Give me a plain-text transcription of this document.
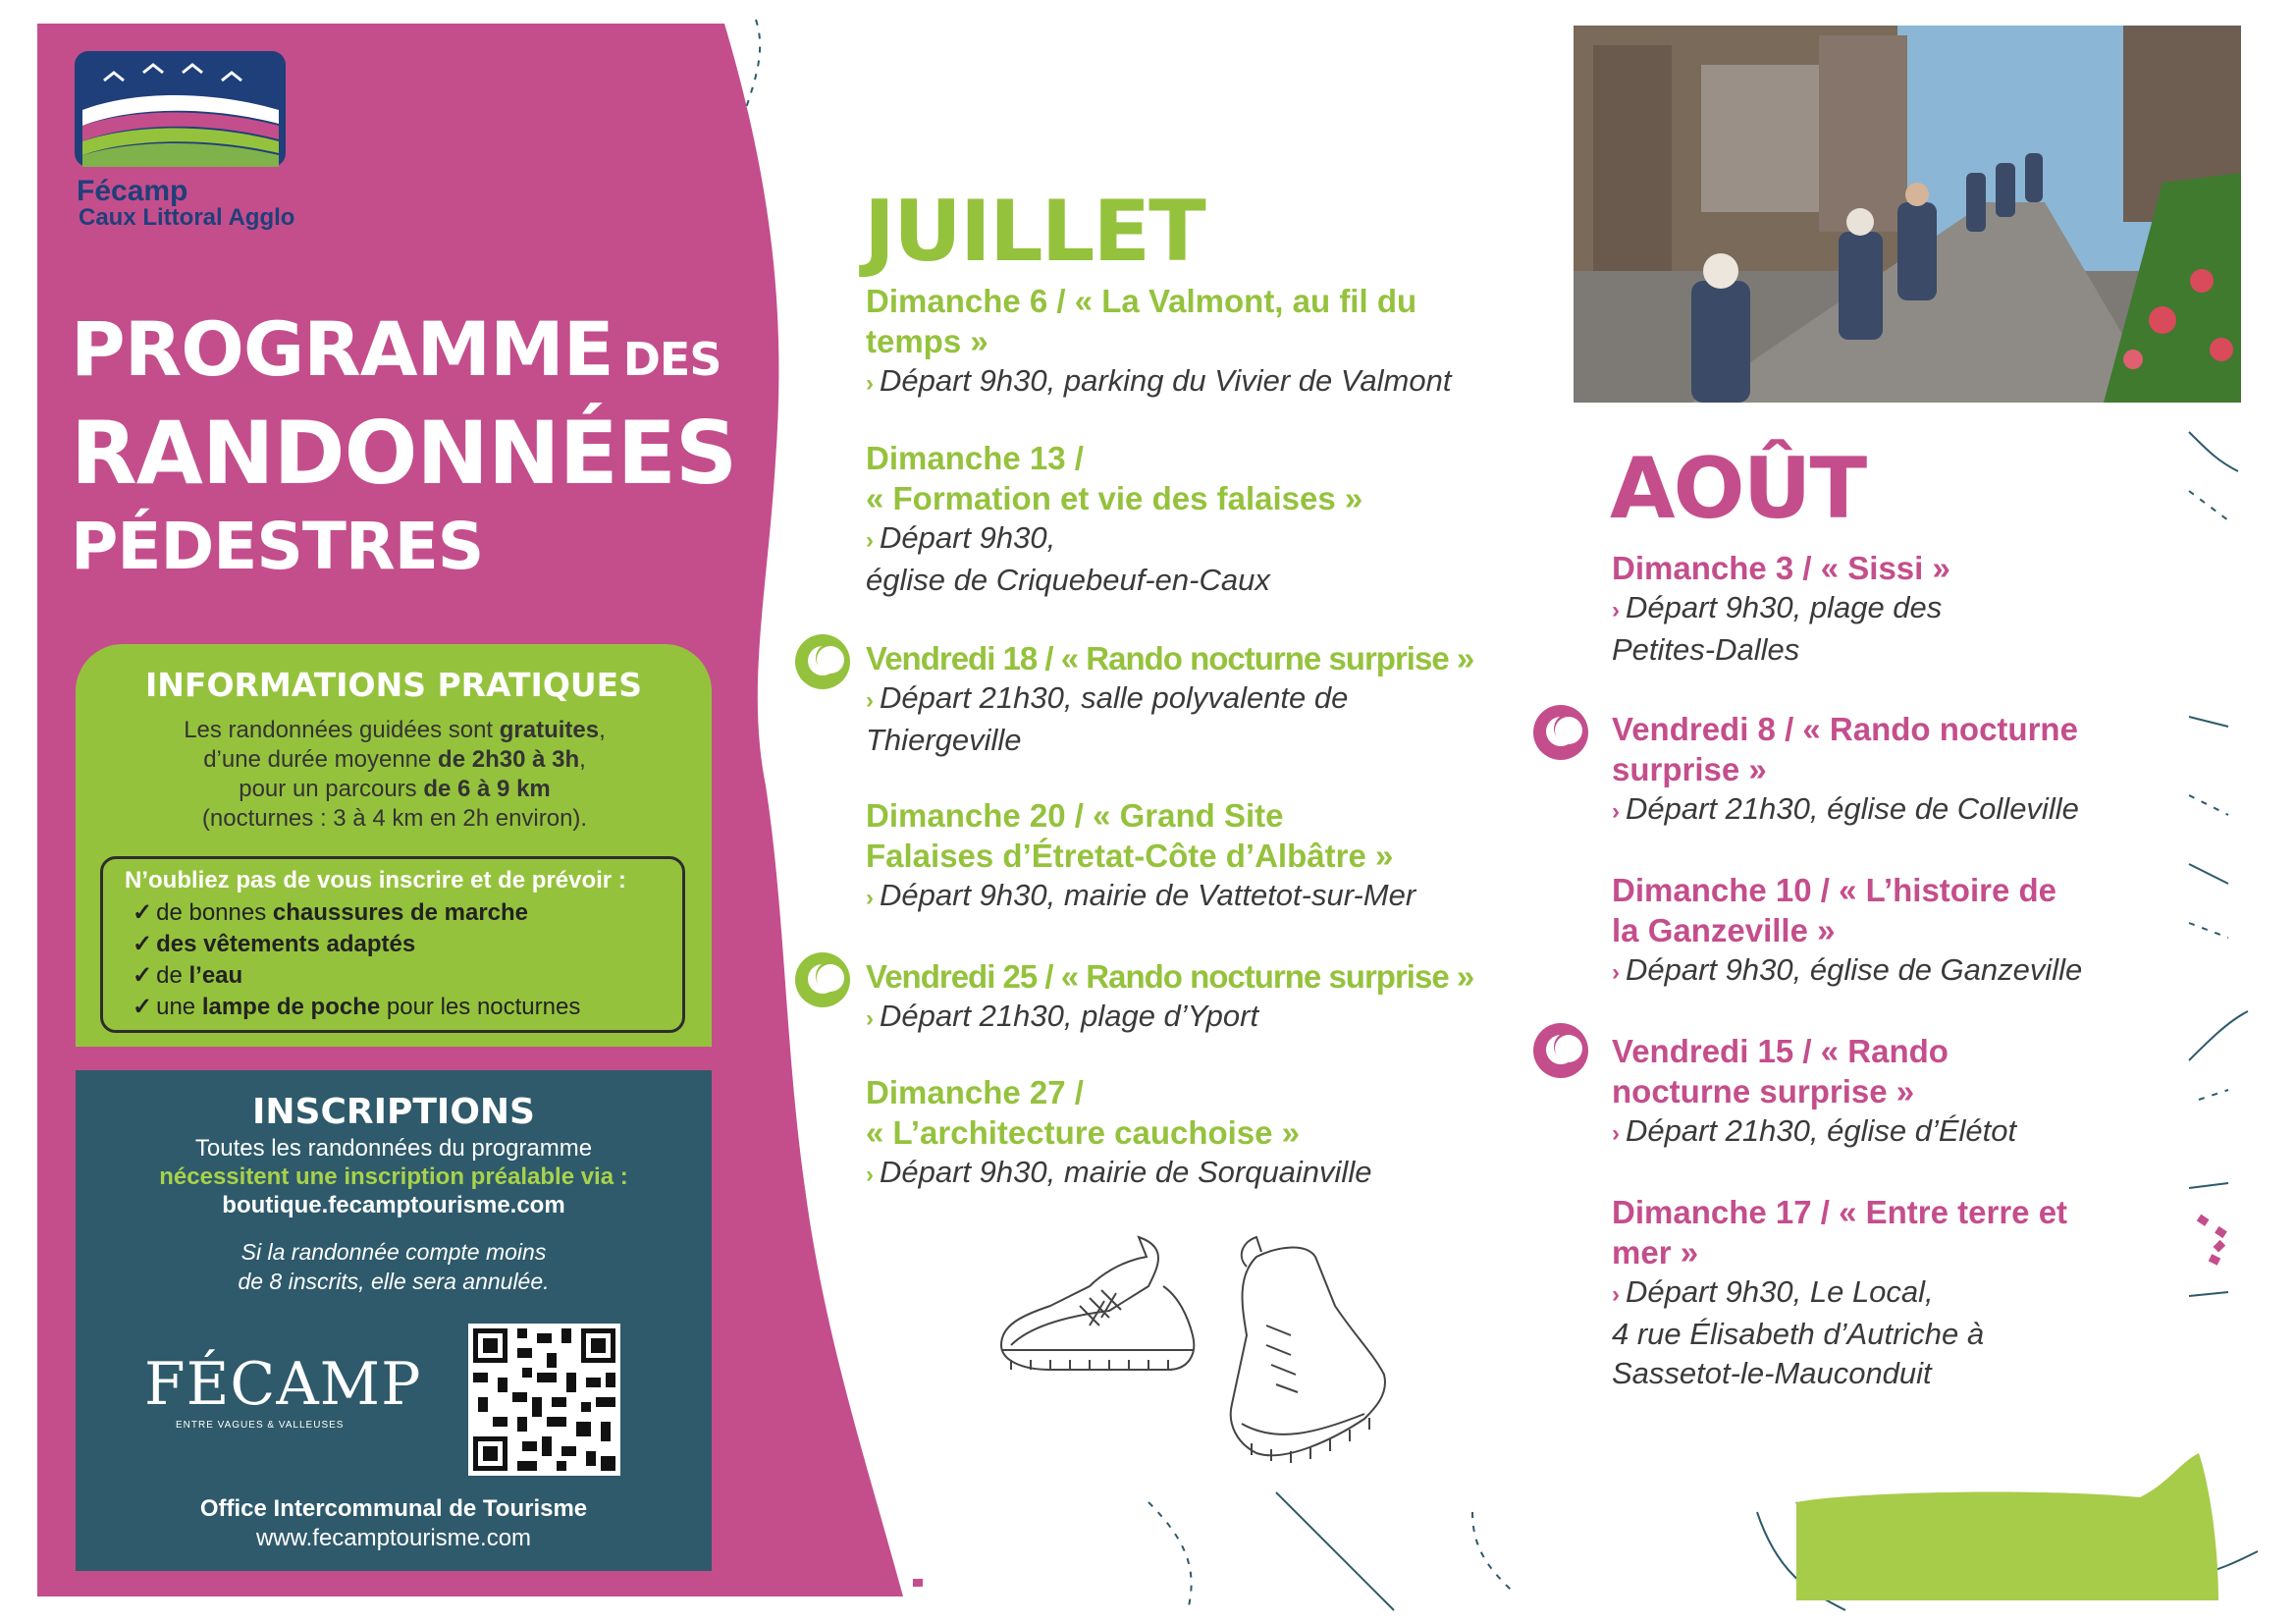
Fécamp
Caux Littoral Agglo
PROGRAMME DES
RANDONNÉES
PÉDESTRES
INFORMATIONS PRATIQUES
Les randonnées guidées sont gratuites,
d’une durée moyenne de 2h30 à 3h,
pour un parcours de 6 à 9 km
(nocturnes : 3 à 4 km en 2h environ).
N’oubliez pas de vous inscrire et de prévoir :
✓ de bonnes chaussures de marche
✓ des vêtements adaptés
✓ de l’eau
✓ une lampe de poche pour les nocturnes
INSCRIPTIONS
Toutes les randonnées du programme
nécessitent une inscription préalable via :
boutique.fecamptourisme.com
Si la randonnée compte moins
de 8 inscrits, elle sera annulée.
FÉCAMP
ENTRE VAGUES & VALLEUSES
Office Intercommunal de Tourisme
www.fecamptourisme.com
JUILLET
Dimanche 6 / « La Valmont, au fil du
temps »
› Départ 9h30, parking du Vivier de Valmont
Dimanche 13 /
« Formation et vie des falaises »
› Départ 9h30,
église de Criquebeuf-en-Caux
Vendredi 18 / « Rando nocturne surprise »
› Départ 21h30, salle polyvalente de
Thiergeville
Dimanche 20 / « Grand Site
Falaises d’Étretat-Côte d’Albâtre »
› Départ 9h30, mairie de Vattetot-sur-Mer
Vendredi 25 / « Rando nocturne surprise »
› Départ 21h30, plage d’Yport
Dimanche 27 /
« L’architecture cauchoise »
› Départ 9h30, mairie de Sorquainville
AOÛT
Dimanche 3 / « Sissi »
› Départ 9h30, plage des
Petites-Dalles
Vendredi 8 / « Rando nocturne
surprise »
› Départ 21h30, église de Colleville
Dimanche 10 / « L’histoire de
la Ganzeville »
› Départ 9h30, église de Ganzeville
Vendredi 15 / « Rando
nocturne surprise »
› Départ 21h30, église d’Élétot
Dimanche 17 / « Entre terre et
mer »
› Départ 9h30, Le Local,
4 rue Élisabeth d’Autriche à
Sassetot-le-Mauconduit
